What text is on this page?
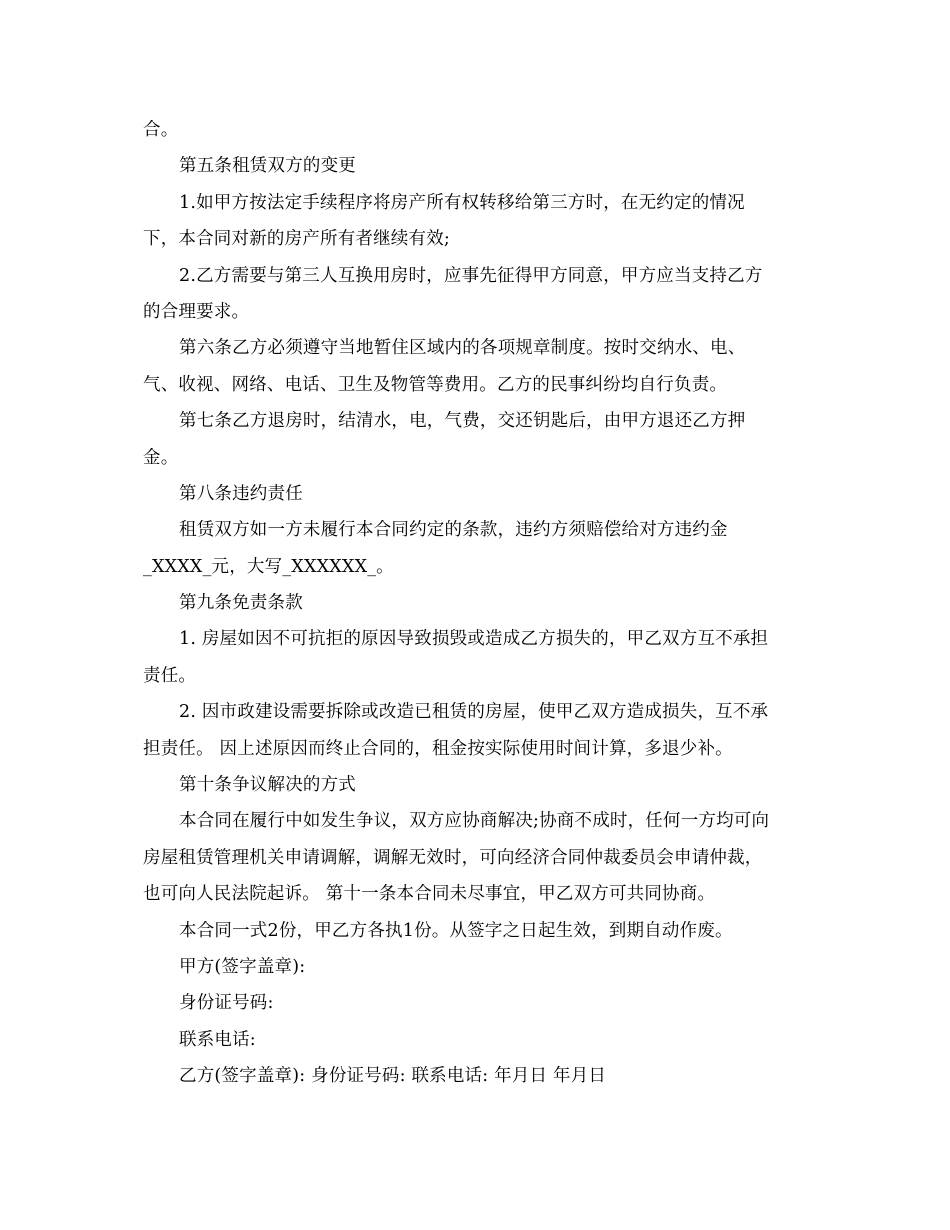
合。
第五条租赁双方的变更
1.如甲方按法定手续程序将房产所有权转移给第三方时，在无约定的情况
下，本合同对新的房产所有者继续有效;
2.乙方需要与第三人互换用房时，应事先征得甲方同意，甲方应当支持乙方
的合理要求。
第六条乙方必须遵守当地暂住区域内的各项规章制度。按时交纳水、电、
气、收视、网络、电话、卫生及物管等费用。乙方的民事纠纷均自行负责。
第七条乙方退房时，结清水，电，气费，交还钥匙后，由甲方退还乙方押
金。
第八条违约责任
租赁双方如一方未履行本合同约定的条款，违约方须赔偿给对方违约金
_XXXX_元，大写_XXXXXX_。
第九条免责条款
1. 房屋如因不可抗拒的原因导致损毁或造成乙方损失的，甲乙双方互不承担
责任。
2. 因市政建设需要拆除或改造已租赁的房屋，使甲乙双方造成损失，互不承
担责任。 因上述原因而终止合同的，租金按实际使用时间计算，多退少补。
第十条争议解决的方式
本合同在履行中如发生争议，双方应协商解决;协商不成时，任何一方均可向
房屋租赁管理机关申请调解，调解无效时，可向经济合同仲裁委员会申请仲裁，
也可向人民法院起诉。 第十一条本合同未尽事宜，甲乙双方可共同协商。
本合同一式2份，甲乙方各执1份。从签字之日起生效，到期自动作废。
甲方(签字盖章):
身份证号码:
联系电话:
乙方(签字盖章): 身份证号码: 联系电话: 年月日 年月日
